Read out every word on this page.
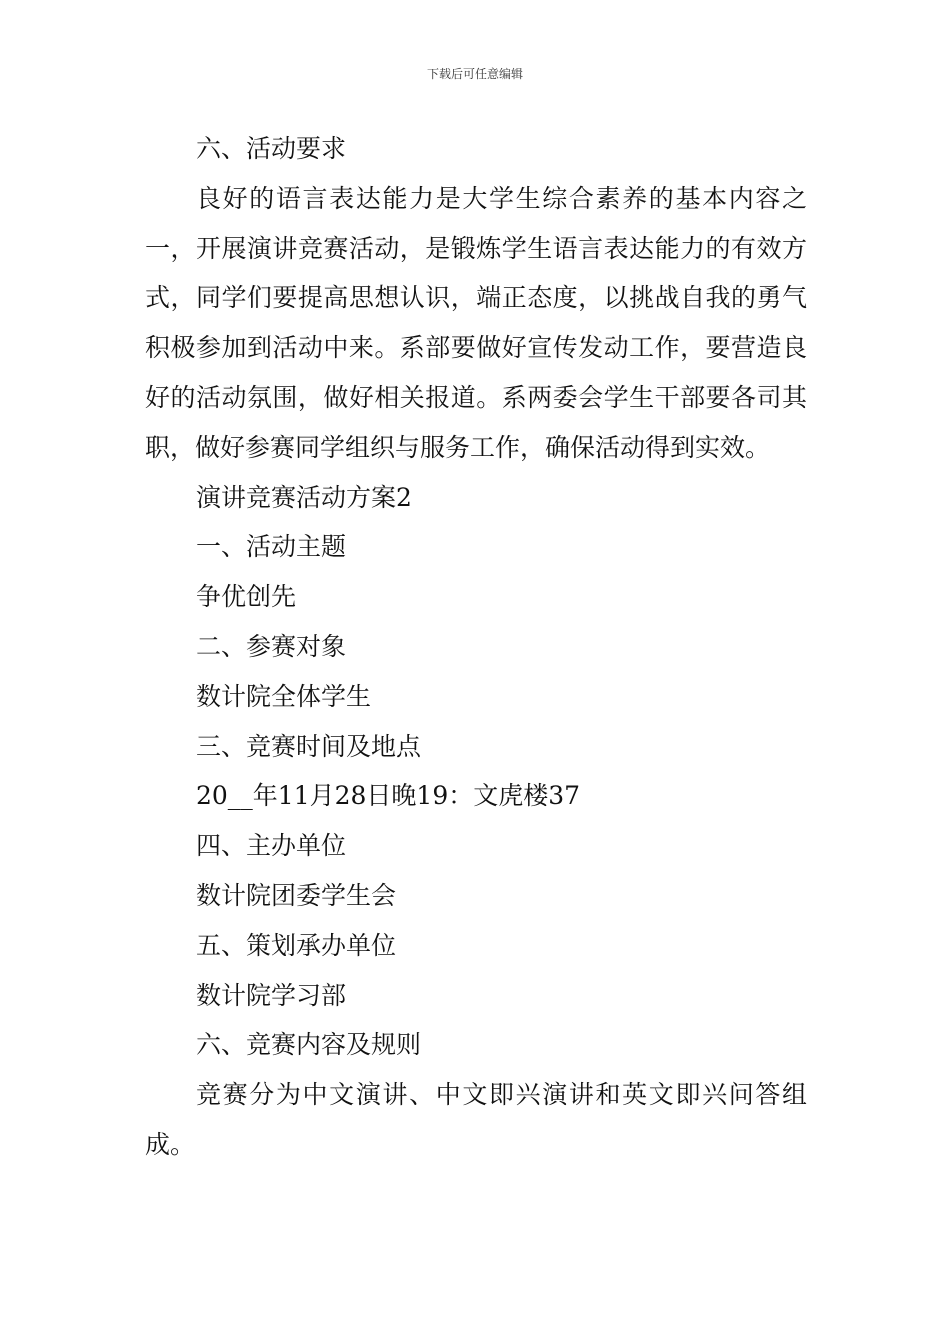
下载后可任意编辑

六、活动要求

良好的语言表达能力是大学生综合素养的基本内容之一，开展演讲竞赛活动，是锻炼学生语言表达能力的有效方式，同学们要提高思想认识，端正态度，以挑战自我的勇气积极参加到活动中来。系部要做好宣传发动工作，要营造良好的活动氛围，做好相关报道。系两委会学生干部要各司其职，做好参赛同学组织与服务工作，确保活动得到实效。

演讲竞赛活动方案2

一、活动主题

争优创先

二、参赛对象

数计院全体学生

三、竞赛时间及地点

20__年11月28日晚19：文虎楼37

四、主办单位

数计院团委学生会

五、策划承办单位

数计院学习部

六、竞赛内容及规则

竞赛分为中文演讲、中文即兴演讲和英文即兴问答组成。
